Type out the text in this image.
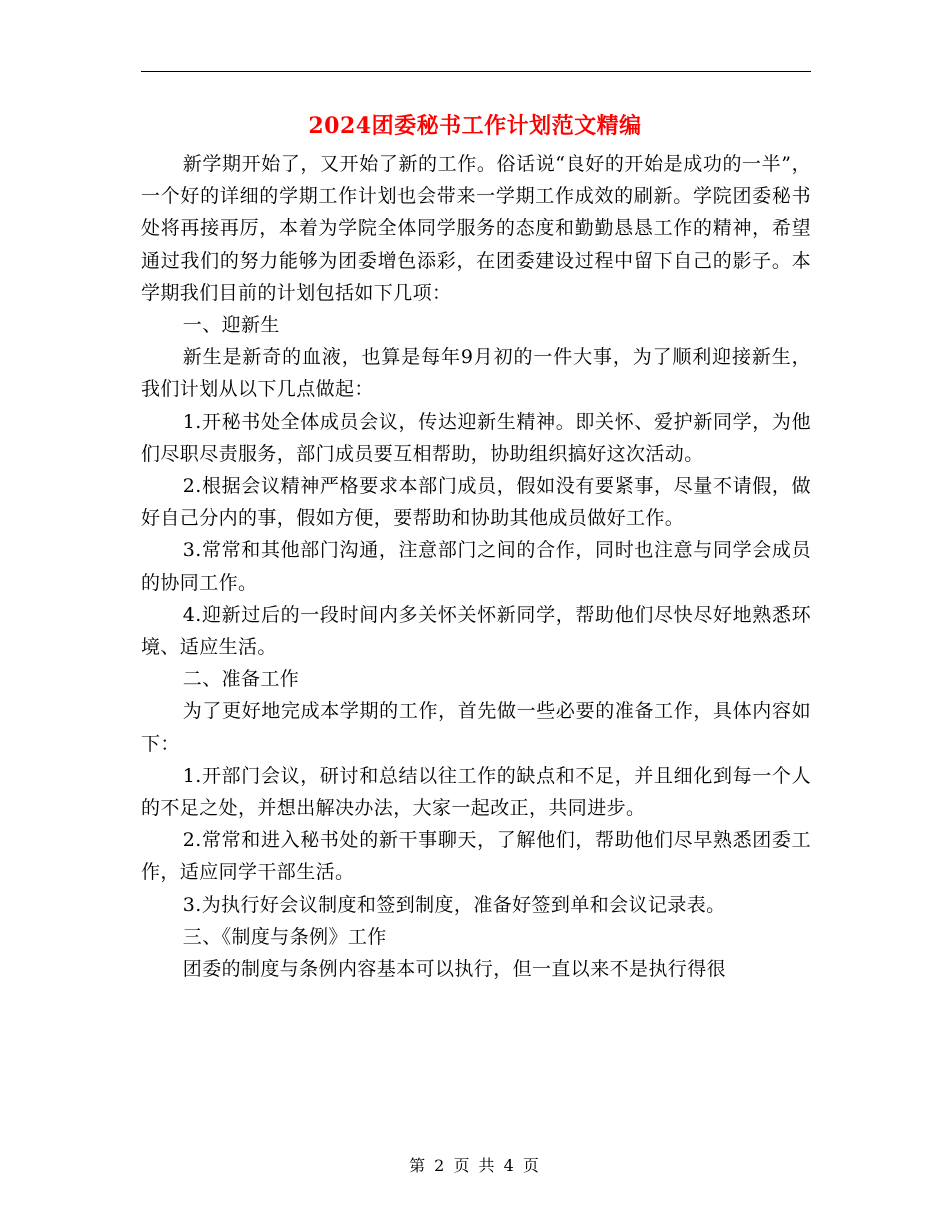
2024团委秘书工作计划范文精编

新学期开始了，又开始了新的工作。俗话说“良好的开始是成功的一半”，一个好的详细的学期工作计划也会带来一学期工作成效的刷新。学院团委秘书处将再接再厉，本着为学院全体同学服务的态度和勤勤恳恳工作的精神，希望通过我们的努力能够为团委增色添彩，在团委建设过程中留下自己的影子。本学期我们目前的计划包括如下几项：

一、迎新生

新生是新奇的血液，也算是每年9月初的一件大事，为了顺利迎接新生，我们计划从以下几点做起：

1.开秘书处全体成员会议，传达迎新生精神。即关怀、爱护新同学，为他们尽职尽责服务，部门成员要互相帮助，协助组织搞好这次活动。

2.根据会议精神严格要求本部门成员，假如没有要紧事，尽量不请假，做好自己分内的事，假如方便，要帮助和协助其他成员做好工作。

3.常常和其他部门沟通，注意部门之间的合作，同时也注意与同学会成员的协同工作。

4.迎新过后的一段时间内多关怀关怀新同学，帮助他们尽快尽好地熟悉环境、适应生活。

二、准备工作

为了更好地完成本学期的工作，首先做一些必要的准备工作，具体内容如下：

1.开部门会议，研讨和总结以往工作的缺点和不足，并且细化到每一个人的不足之处，并想出解决办法，大家一起改正，共同进步。

2.常常和进入秘书处的新干事聊天，了解他们，帮助他们尽早熟悉团委工作，适应同学干部生活。

3.为执行好会议制度和签到制度，准备好签到单和会议记录表。

三、《制度与条例》工作

团委的制度与条例内容基本可以执行，但一直以来不是执行得很

第 2 页 共 4 页
